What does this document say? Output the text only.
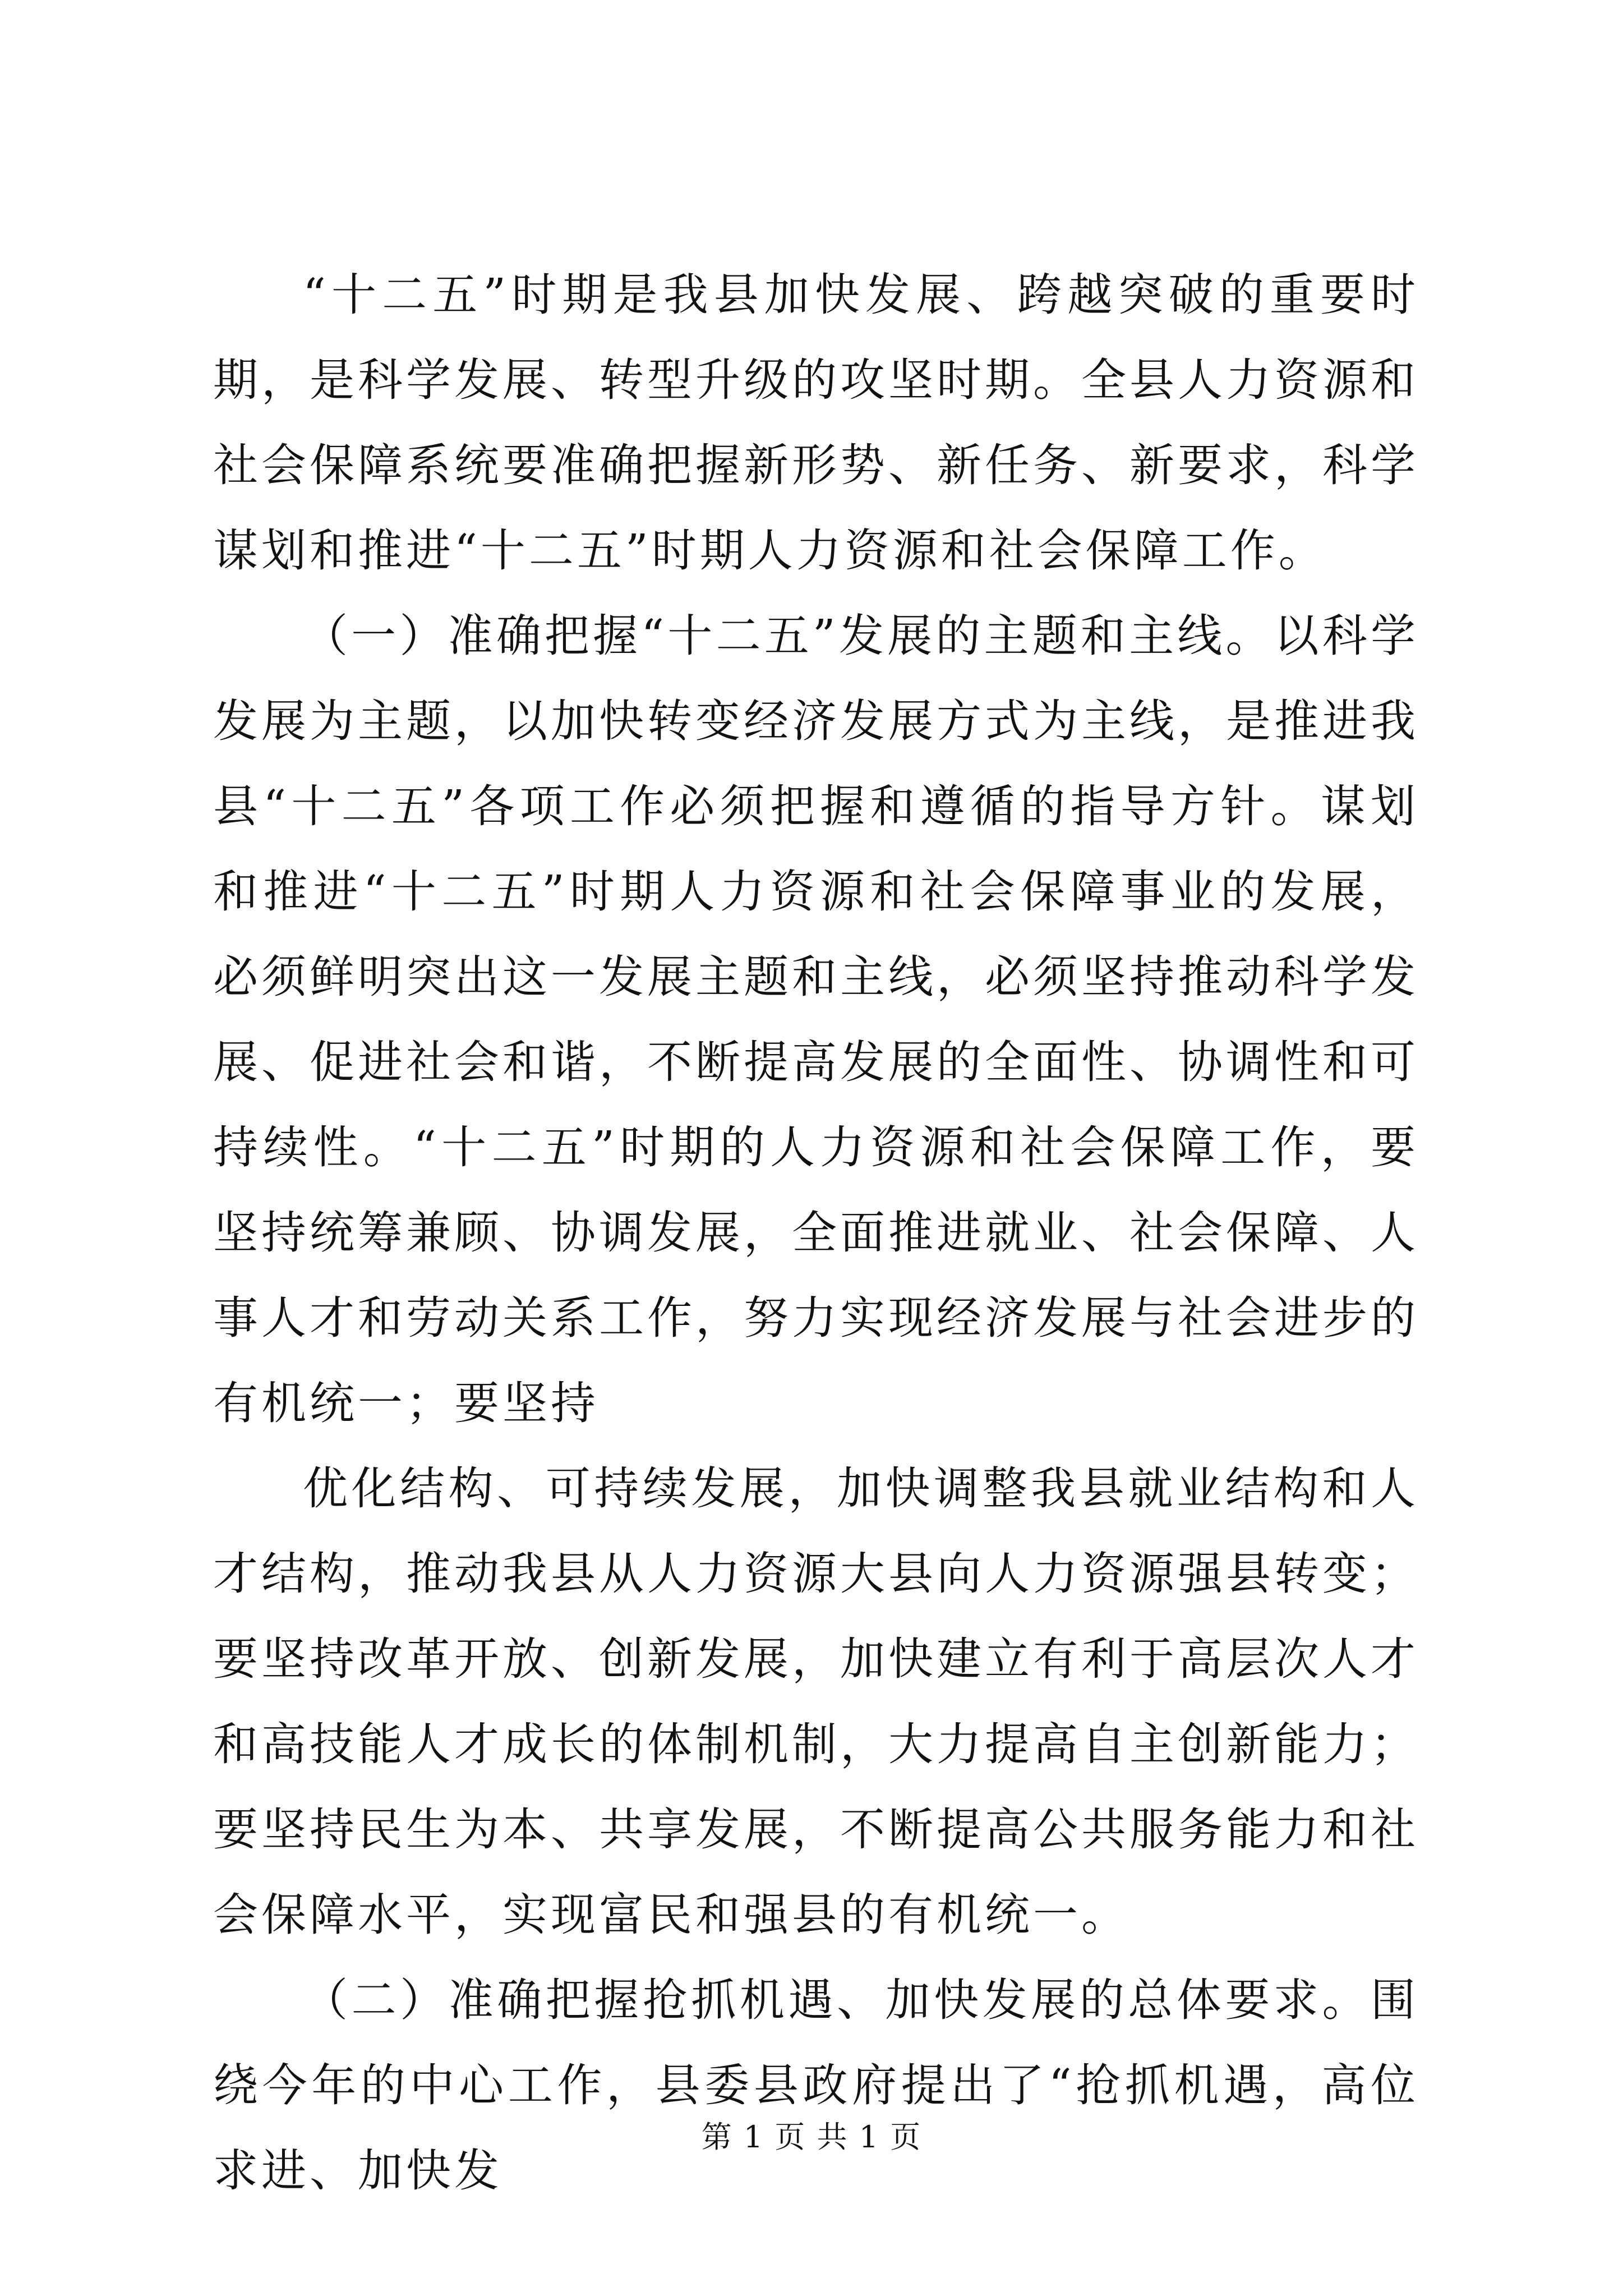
“十二五”时期是我县加快发展、跨越突破的重要时期，是科学发展、转型升级的攻坚时期。全县人力资源和社会保障系统要准确把握新形势、新任务、新要求，科学谋划和推进“十二五”时期人力资源和社会保障工作。

（一）准确把握“十二五”发展的主题和主线。以科学发展为主题，以加快转变经济发展方式为主线，是推进我县“十二五”各项工作必须把握和遵循的指导方针。谋划和推进“十二五”时期人力资源和社会保障事业的发展，必须鲜明突出这一发展主题和主线，必须坚持推动科学发展、促进社会和谐，不断提高发展的全面性、协调性和可持续性。“十二五”时期的人力资源和社会保障工作，要坚持统筹兼顾、协调发展，全面推进就业、社会保障、人事人才和劳动关系工作，努力实现经济发展与社会进步的有机统一；要坚持

优化结构、可持续发展，加快调整我县就业结构和人才结构，推动我县从人力资源大县向人力资源强县转变；要坚持改革开放、创新发展，加快建立有利于高层次人才和高技能人才成长的体制机制，大力提高自主创新能力；要坚持民生为本、共享发展，不断提高公共服务能力和社会保障水平，实现富民和强县的有机统一。

（二）准确把握抢抓机遇、加快发展的总体要求。围绕今年的中心工作，县委县政府提出了“抢抓机遇，高位求进、加快发

第 1 页 共 1 页
